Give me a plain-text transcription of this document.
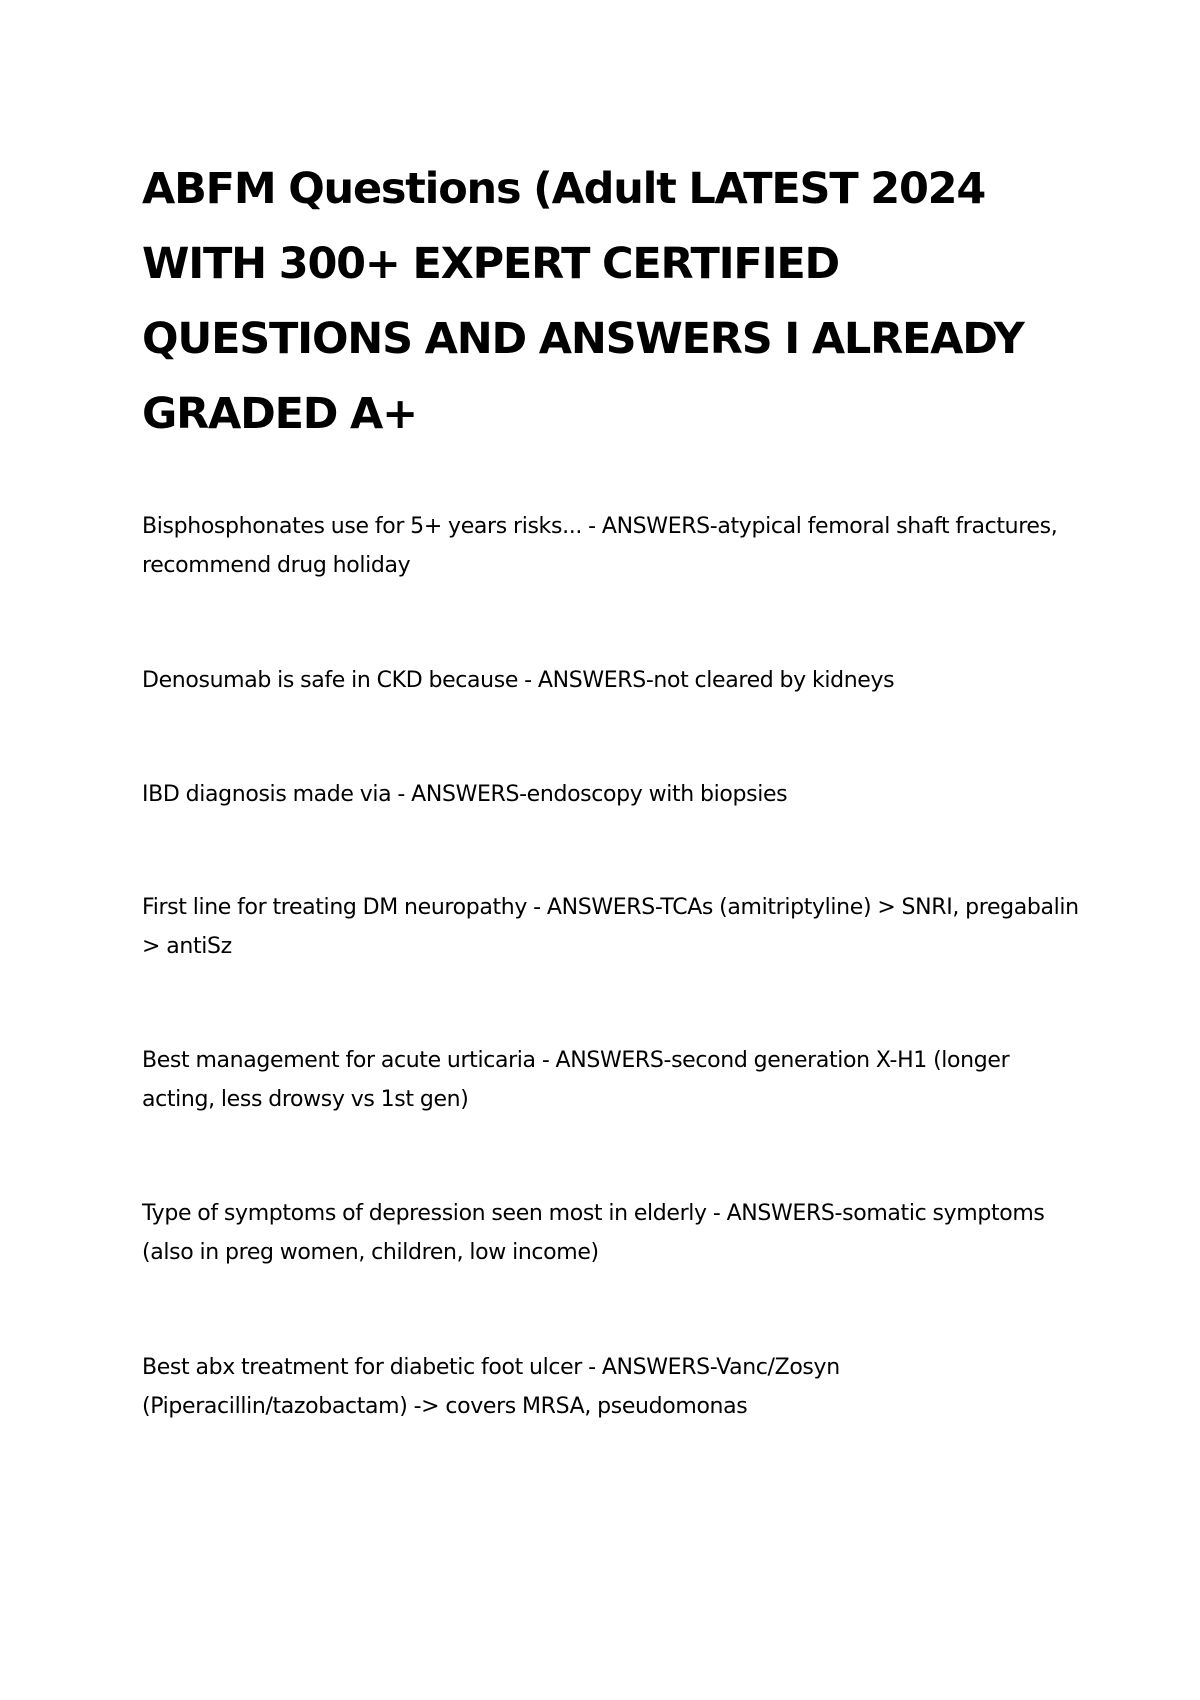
ABFM Questions (Adult LATEST 2024 WITH 300+ EXPERT CERTIFIED QUESTIONS AND ANSWERS I ALREADY GRADED A+

Bisphosphonates use for 5+ years risks... - ANSWERS-atypical femoral shaft fractures, recommend drug holiday

Denosumab is safe in CKD because - ANSWERS-not cleared by kidneys

IBD diagnosis made via - ANSWERS-endoscopy with biopsies

First line for treating DM neuropathy - ANSWERS-TCAs (amitriptyline) > SNRI, pregabalin > antiSz

Best management for acute urticaria - ANSWERS-second generation X-H1 (longer acting, less drowsy vs 1st gen)

Type of symptoms of depression seen most in elderly - ANSWERS-somatic symptoms (also in preg women, children, low income)

Best abx treatment for diabetic foot ulcer - ANSWERS-Vanc/Zosyn (Piperacillin/tazobactam) -> covers MRSA, pseudomonas
